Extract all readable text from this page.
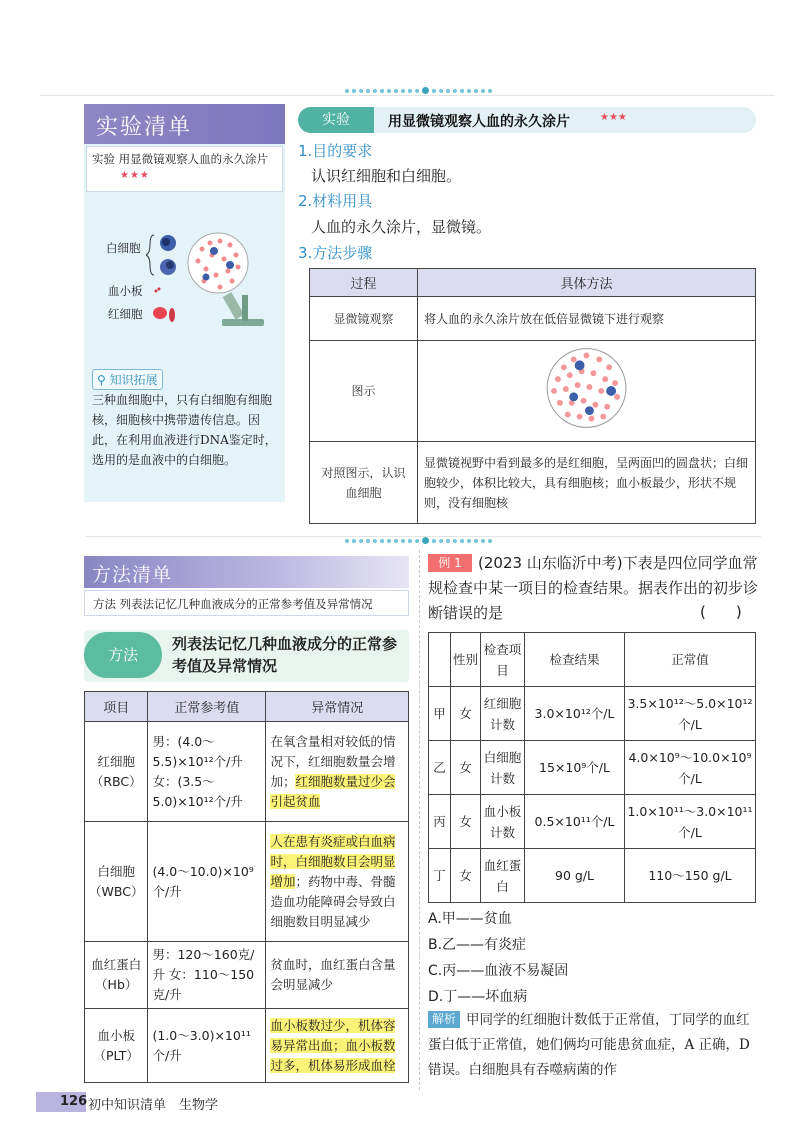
实验清单
实验 用显微镜观察人血的永久涂片
★★★
白细胞
血小板
红细胞
⚲ 知识拓展
三种血细胞中，只有白细胞有细胞核，细胞核中携带遗传信息。因此，在利用血液进行DNA鉴定时，选用的是血液中的白细胞。
实验	用显微镜观察人血的永久涂片	★★★
1.目的要求
认识红细胞和白细胞。
2.材料用具
人血的永久涂片，显微镜。
3.方法步骤
过程	具体方法
显微镜观察	将人血的永久涂片放在低倍显微镜下进行观察
图示	
对照图示，认识血细胞	显微镜视野中看到最多的是红细胞，呈两面凹的圆盘状；白细胞较少，体积比较大，具有细胞核；血小板最少，形状不规则，没有细胞核
方法清单
方法 列表法记忆几种血液成分的正常参考值及异常情况
方法
列表法记忆几种血液成分的正常参考值及异常情况
项目	正常参考值	异常情况
红细胞（RBC）	男：(4.0～5.5)×10¹²个/升 女：(3.5～5.0)×10¹²个/升	在氧含量相对较低的情况下，红细胞数量会增加；红细胞数量过少会引起贫血
白细胞（WBC）	(4.0～10.0)×10⁹个/升	人在患有炎症或白血病时，白细胞数目会明显增加；药物中毒、骨髓造血功能障碍会导致白细胞数目明显减少
血红蛋白（Hb）	男：120～160克/升 女：110～150克/升	贫血时，血红蛋白含量会明显减少
血小板（PLT）	(1.0～3.0)×10¹¹个/升	血小板数过少，机体容易异常出血；血小板数过多，机体易形成血栓
(2023 山东临沂中考)下表是四位同学血常规检查中某一项目的检查结果。据表作出的初步诊断错误的是
例 1
(　　)
	性别	检查项目	检查结果	正常值
甲	女	红细胞计数	3.0×10¹²个/L	3.5×10¹²～5.0×10¹²个/L
乙	女	白细胞计数	15×10⁹个/L	4.0×10⁹～10.0×10⁹个/L
丙	女	血小板计数	0.5×10¹¹个/L	1.0×10¹¹～3.0×10¹¹个/L
丁	女	血红蛋白	90 g/L	110～150 g/L
A.甲——贫血
B.乙——有炎症
C.丙——血液不易凝固
D.丁——坏血病
甲同学的红细胞计数低于正常值，丁同学的血红蛋白低于正常值，她们俩均可能患贫血症，A 正确，D 错误。白细胞具有吞噬病菌的作
解析
126 初中知识清单　生物学
